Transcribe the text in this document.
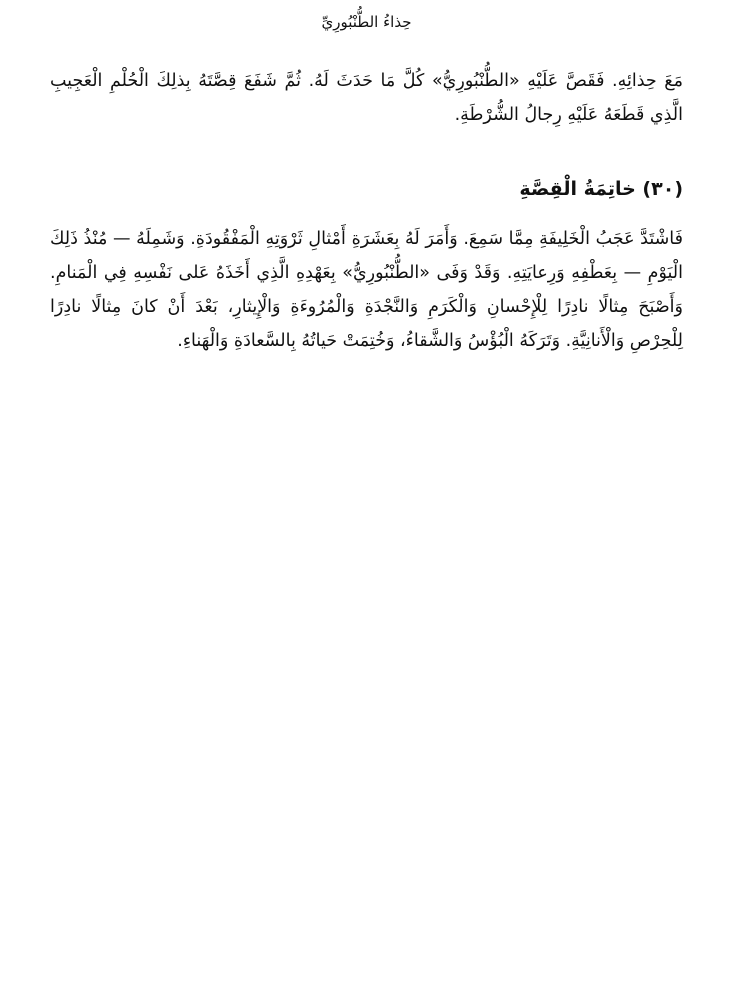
حِذاءُ الطُّنْبُورِيِّ

مَعَ حِذائِهِ. فَقَصَّ عَلَيْهِ «الطُّنْبُورِيُّ» كُلَّ مَا حَدَثَ لَهُ. ثُمَّ شَفَعَ قِصَّتَهُ بِذلِكَ الْحُلْمِ الْعَجِيبِ الَّذِي قَطَعَهُ عَلَيْهِ رِجالُ الشُّرْطَةِ.

(٣٠) خاتِمَةُ الْقِصَّةِ

فَاشْتَدَّ عَجَبُ الْخَلِيفَةِ مِمَّا سَمِعَ. وَأَمَرَ لَهُ بِعَشَرَةِ أَمْثالِ ثَرْوَتِهِ الْمَفْقُودَةِ. وَشَمِلَهُ — مُنْذُ ذَلِكَ الْيَوْمِ — بِعَطْفِهِ وَرِعايَتِهِ. وَقَدْ وَفَى «الطُّنْبُورِيُّ» بِعَهْدِهِ الَّذِي أَخَذَهُ عَلى نَفْسِهِ فِي الْمَنامِ. وَأَصْبَحَ مِثالًا نادِرًا لِلْإِحْسانِ وَالْكَرَمِ وَالنَّجْدَةِ وَالْمُرُوءَةِ وَالْإِيثارِ، بَعْدَ أَنْ كانَ مِثالًا نادِرًا لِلْحِرْصِ وَالْأَنانِيَّةِ. وَتَرَكَهُ الْبُؤْسُ وَالشَّقاءُ، وَخُتِمَتْ حَياتُهُ بِالسَّعادَةِ وَالْهَناءِ.
